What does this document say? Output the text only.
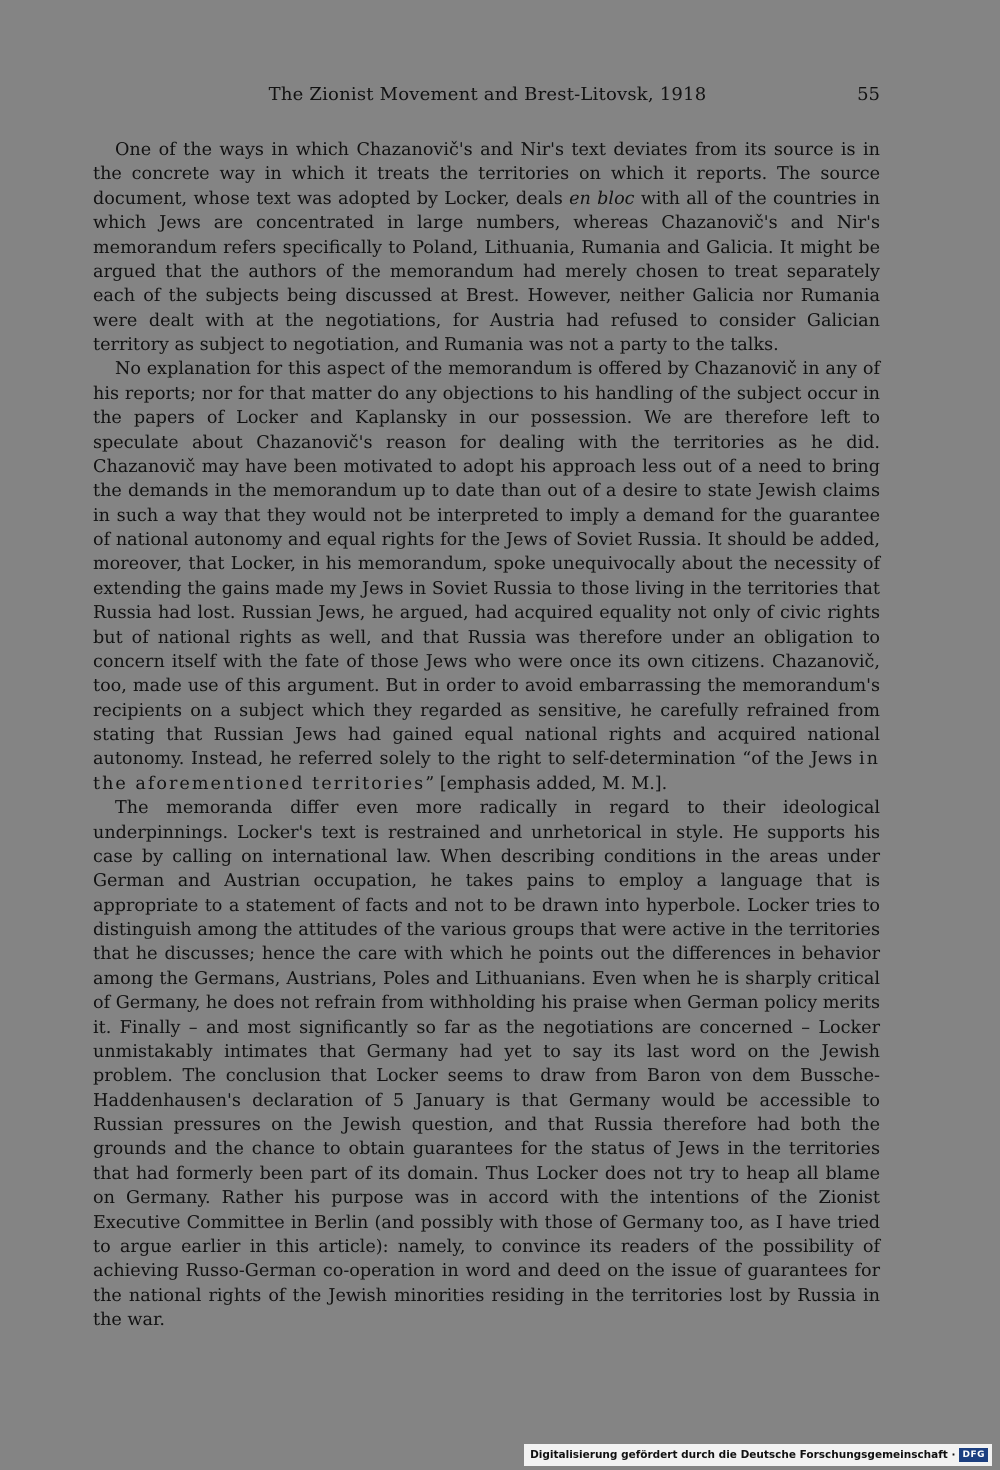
The Zionist Movement and Brest-Litovsk, 1918	55

One of the ways in which Chazanovič's and Nir's text deviates from its source is in the concrete way in which it treats the territories on which it reports. The source document, whose text was adopted by Locker, deals en bloc with all of the countries in which Jews are concentrated in large numbers, whereas Chazanovič's and Nir's memorandum refers specifically to Poland, Lithuania, Rumania and Galicia. It might be argued that the authors of the memorandum had merely chosen to treat separately each of the subjects being discussed at Brest. However, neither Galicia nor Rumania were dealt with at the negotiations, for Austria had refused to consider Galician territory as subject to negotiation, and Rumania was not a party to the talks.

No explanation for this aspect of the memorandum is offered by Chazanovič in any of his reports; nor for that matter do any objections to his handling of the subject occur in the papers of Locker and Kaplansky in our possession. We are therefore left to speculate about Chazanovič's reason for dealing with the territories as he did. Chazanovič may have been motivated to adopt his approach less out of a need to bring the demands in the memorandum up to date than out of a desire to state Jewish claims in such a way that they would not be interpreted to imply a demand for the guarantee of national autonomy and equal rights for the Jews of Soviet Russia. It should be added, moreover, that Locker, in his memorandum, spoke unequivocally about the necessity of extending the gains made my Jews in Soviet Russia to those living in the territories that Russia had lost. Russian Jews, he argued, had acquired equality not only of civic rights but of national rights as well, and that Russia was therefore under an obligation to concern itself with the fate of those Jews who were once its own citizens. Chazanovič, too, made use of this argument. But in order to avoid embarrassing the memorandum's recipients on a subject which they regarded as sensitive, he carefully refrained from stating that Russian Jews had gained equal national rights and acquired national autonomy. Instead, he referred solely to the right to self-determination “of the Jews in the aforementioned territories” [emphasis added, M. M.].

The memoranda differ even more radically in regard to their ideological underpinnings. Locker's text is restrained and unrhetorical in style. He supports his case by calling on international law. When describing conditions in the areas under German and Austrian occupation, he takes pains to employ a language that is appropriate to a statement of facts and not to be drawn into hyperbole. Locker tries to distinguish among the attitudes of the various groups that were active in the territories that he discusses; hence the care with which he points out the differences in behavior among the Germans, Austrians, Poles and Lithuanians. Even when he is sharply critical of Germany, he does not refrain from withholding his praise when German policy merits it. Finally – and most significantly so far as the negotiations are concerned – Locker unmistakably intimates that Germany had yet to say its last word on the Jewish problem. The conclusion that Locker seems to draw from Baron von dem Bussche-Haddenhausen's declaration of 5 January is that Germany would be accessible to Russian pressures on the Jewish question, and that Russia therefore had both the grounds and the chance to obtain guarantees for the status of Jews in the territories that had formerly been part of its domain. Thus Locker does not try to heap all blame on Germany. Rather his purpose was in accord with the intentions of the Zionist Executive Committee in Berlin (and possibly with those of Germany too, as I have tried to argue earlier in this article): namely, to convince its readers of the possibility of achieving Russo-German co-operation in word and deed on the issue of guarantees for the national rights of the Jewish minorities residing in the territories lost by Russia in the war.

Digitalisierung gefördert durch die Deutsche Forschungsgemeinschaft · DFG
